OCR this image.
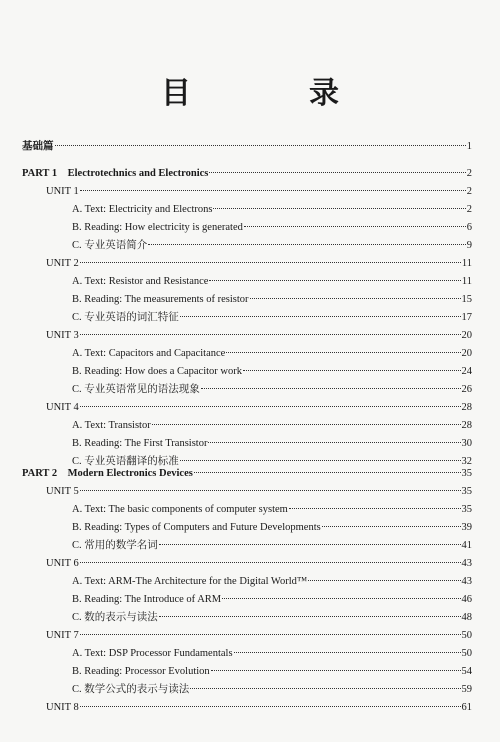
目　录
基础篇	1
PART 1　Electrotechnics and Electronics	2
UNIT 1	2
A. Text: Electricity and Electrons	2
B. Reading: How electricity is generated	6
C. 专业英语简介	9
UNIT 2	11
A. Text: Resistor and Resistance	11
B. Reading: The measurements of resistor	15
C. 专业英语的词汇特征	17
UNIT 3	20
A. Text: Capacitors and Capacitance	20
B. Reading: How does a Capacitor work	24
C. 专业英语常见的语法现象	26
UNIT 4	28
A. Text: Transistor	28
B. Reading: The First Transistor	30
C. 专业英语翻译的标准	32
PART 2　Modern Electronics Devices	35
UNIT 5	35
A. Text: The basic components of computer system	35
B. Reading: Types of Computers and Future Developments	39
C. 常用的数学名词	41
UNIT 6	43
A. Text: ARM-The Architecture for the Digital World™	43
B. Reading: The Introduce of ARM	46
C. 数的表示与读法	48
UNIT 7	50
A. Text: DSP Processor Fundamentals	50
B. Reading: Processor Evolution	54
C. 数学公式的表示与读法	59
UNIT 8	61
